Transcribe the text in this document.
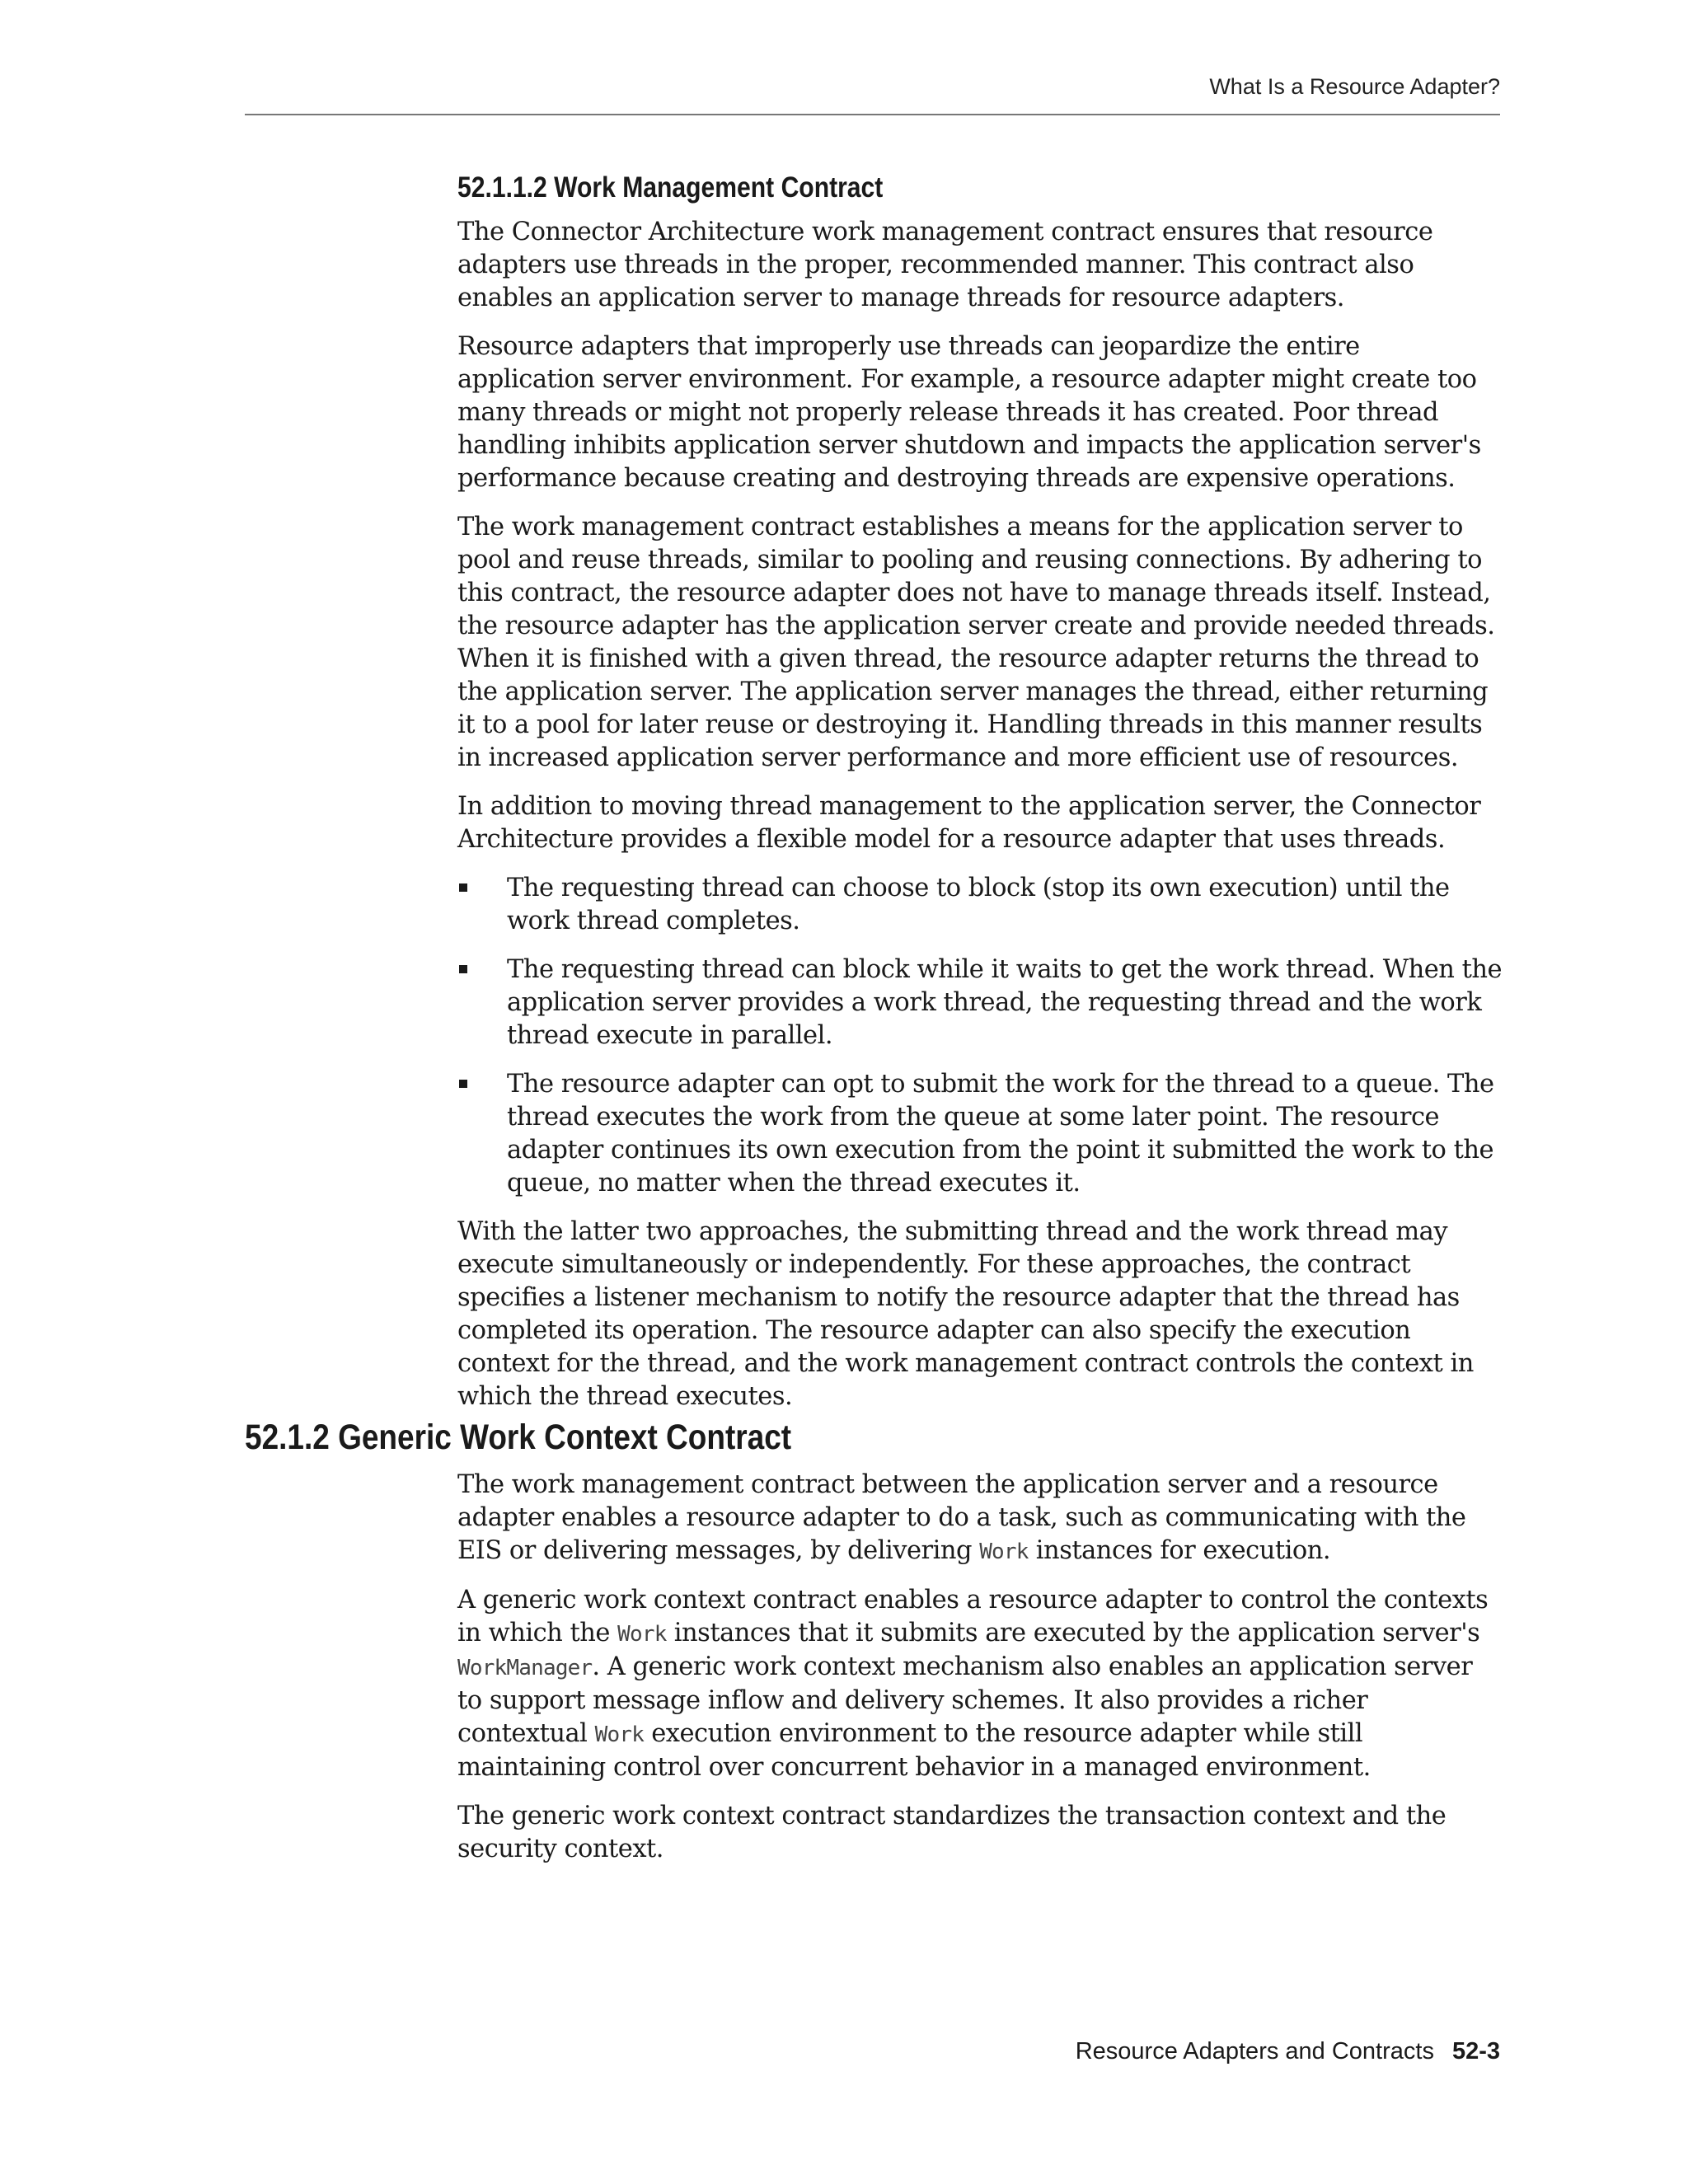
What Is a Resource Adapter?
52.1.1.2 Work Management Contract

The Connector Architecture work management contract ensures that resource adapters use threads in the proper, recommended manner. This contract also enables an application server to manage threads for resource adapters.

Resource adapters that improperly use threads can jeopardize the entire application server environment. For example, a resource adapter might create too many threads or might not properly release threads it has created. Poor thread handling inhibits application server shutdown and impacts the application server's performance because creating and destroying threads are expensive operations.

The work management contract establishes a means for the application server to pool and reuse threads, similar to pooling and reusing connections. By adhering to this contract, the resource adapter does not have to manage threads itself. Instead, the resource adapter has the application server create and provide needed threads. When it is finished with a given thread, the resource adapter returns the thread to the application server. The application server manages the thread, either returning it to a pool for later reuse or destroying it. Handling threads in this manner results in increased application server performance and more efficient use of resources.

In addition to moving thread management to the application server, the Connector Architecture provides a flexible model for a resource adapter that uses threads.

The requesting thread can choose to block (stop its own execution) until the work thread completes.
The requesting thread can block while it waits to get the work thread. When the application server provides a work thread, the requesting thread and the work thread execute in parallel.
The resource adapter can opt to submit the work for the thread to a queue. The thread executes the work from the queue at some later point. The resource adapter continues its own execution from the point it submitted the work to the queue, no matter when the thread executes it.

With the latter two approaches, the submitting thread and the work thread may execute simultaneously or independently. For these approaches, the contract specifies a listener mechanism to notify the resource adapter that the thread has completed its operation. The resource adapter can also specify the execution context for the thread, and the work management contract controls the context in which the thread executes.

52.1.2 Generic Work Context Contract

The work management contract between the application server and a resource adapter enables a resource adapter to do a task, such as communicating with the EIS or delivering messages, by delivering Work instances for execution.

A generic work context contract enables a resource adapter to control the contexts in which the Work instances that it submits are executed by the application server's WorkManager. A generic work context mechanism also enables an application server to support message inflow and delivery schemes. It also provides a richer contextual Work execution environment to the resource adapter while still maintaining control over concurrent behavior in a managed environment.

The generic work context contract standardizes the transaction context and the security context.

Resource Adapters and Contracts 52-3
